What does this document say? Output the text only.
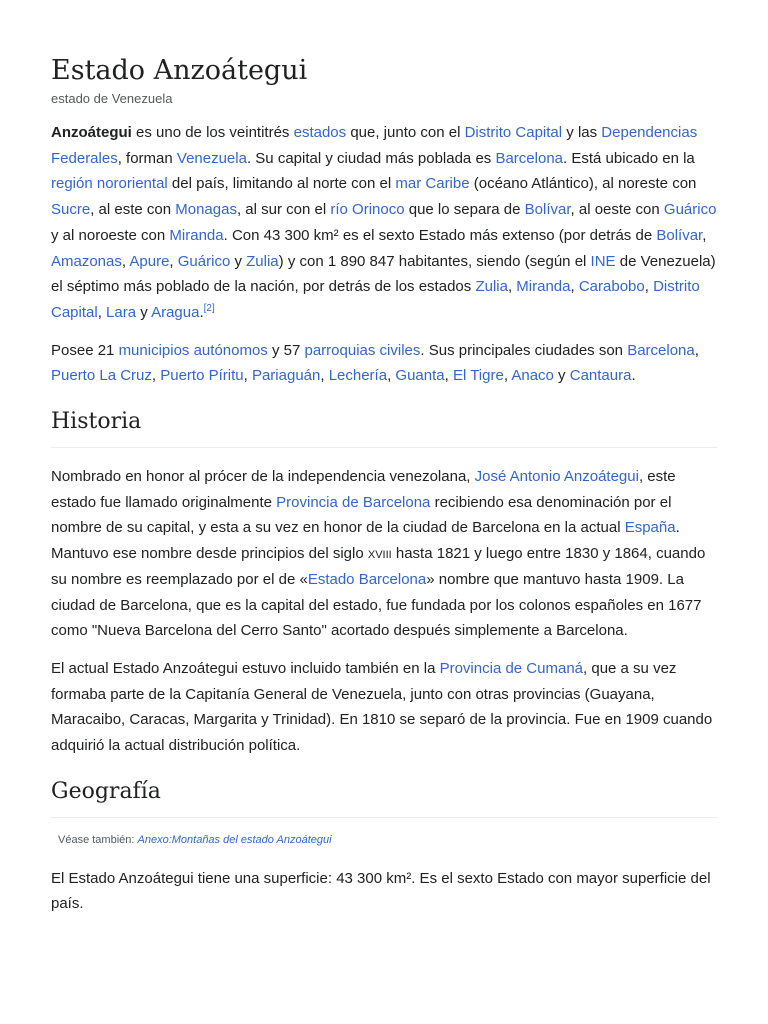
Estado Anzoátegui
estado de Venezuela

Anzoátegui es uno de los veintitrés estados que, junto con el Distrito Capital y las Dependencias Federales, forman Venezuela. Su capital y ciudad más poblada es Barcelona. Está ubicado en la región nororiental del país, limitando al norte con el mar Caribe (océano Atlántico), al noreste con Sucre, al este con Monagas, al sur con el río Orinoco que lo separa de Bolívar, al oeste con Guárico y al noroeste con Miranda. Con 43 300 km² es el sexto Estado más extenso (por detrás de Bolívar, Amazonas, Apure, Guárico y Zulia) y con 1 890 847 habitantes, siendo (según el INE de Venezuela) el séptimo más poblado de la nación, por detrás de los estados Zulia, Miranda, Carabobo, Distrito Capital, Lara y Aragua.[2]

Posee 21 municipios autónomos y 57 parroquias civiles. Sus principales ciudades son Barcelona, Puerto La Cruz, Puerto Píritu, Pariaguán, Lechería, Guanta, El Tigre, Anaco y Cantaura.

Historia

Nombrado en honor al prócer de la independencia venezolana, José Antonio Anzoátegui, este estado fue llamado originalmente Provincia de Barcelona recibiendo esa denominación por el nombre de su capital, y esta a su vez en honor de la ciudad de Barcelona en la actual España. Mantuvo ese nombre desde principios del siglo xviii hasta 1821 y luego entre 1830 y 1864, cuando su nombre es reemplazado por el de «Estado Barcelona» nombre que mantuvo hasta 1909. La ciudad de Barcelona, que es la capital del estado, fue fundada por los colonos españoles en 1677 como "Nueva Barcelona del Cerro Santo" acortado después simplemente a Barcelona.

El actual Estado Anzoátegui estuvo incluido también en la Provincia de Cumaná, que a su vez formaba parte de la Capitanía General de Venezuela, junto con otras provincias (Guayana, Maracaibo, Caracas, Margarita y Trinidad). En 1810 se separó de la provincia. Fue en 1909 cuando adquirió la actual distribución política.

Geografía
Véase también: Anexo:Montañas del estado Anzoátegui

El Estado Anzoátegui tiene una superficie: 43 300 km². Es el sexto Estado con mayor superficie del país.
